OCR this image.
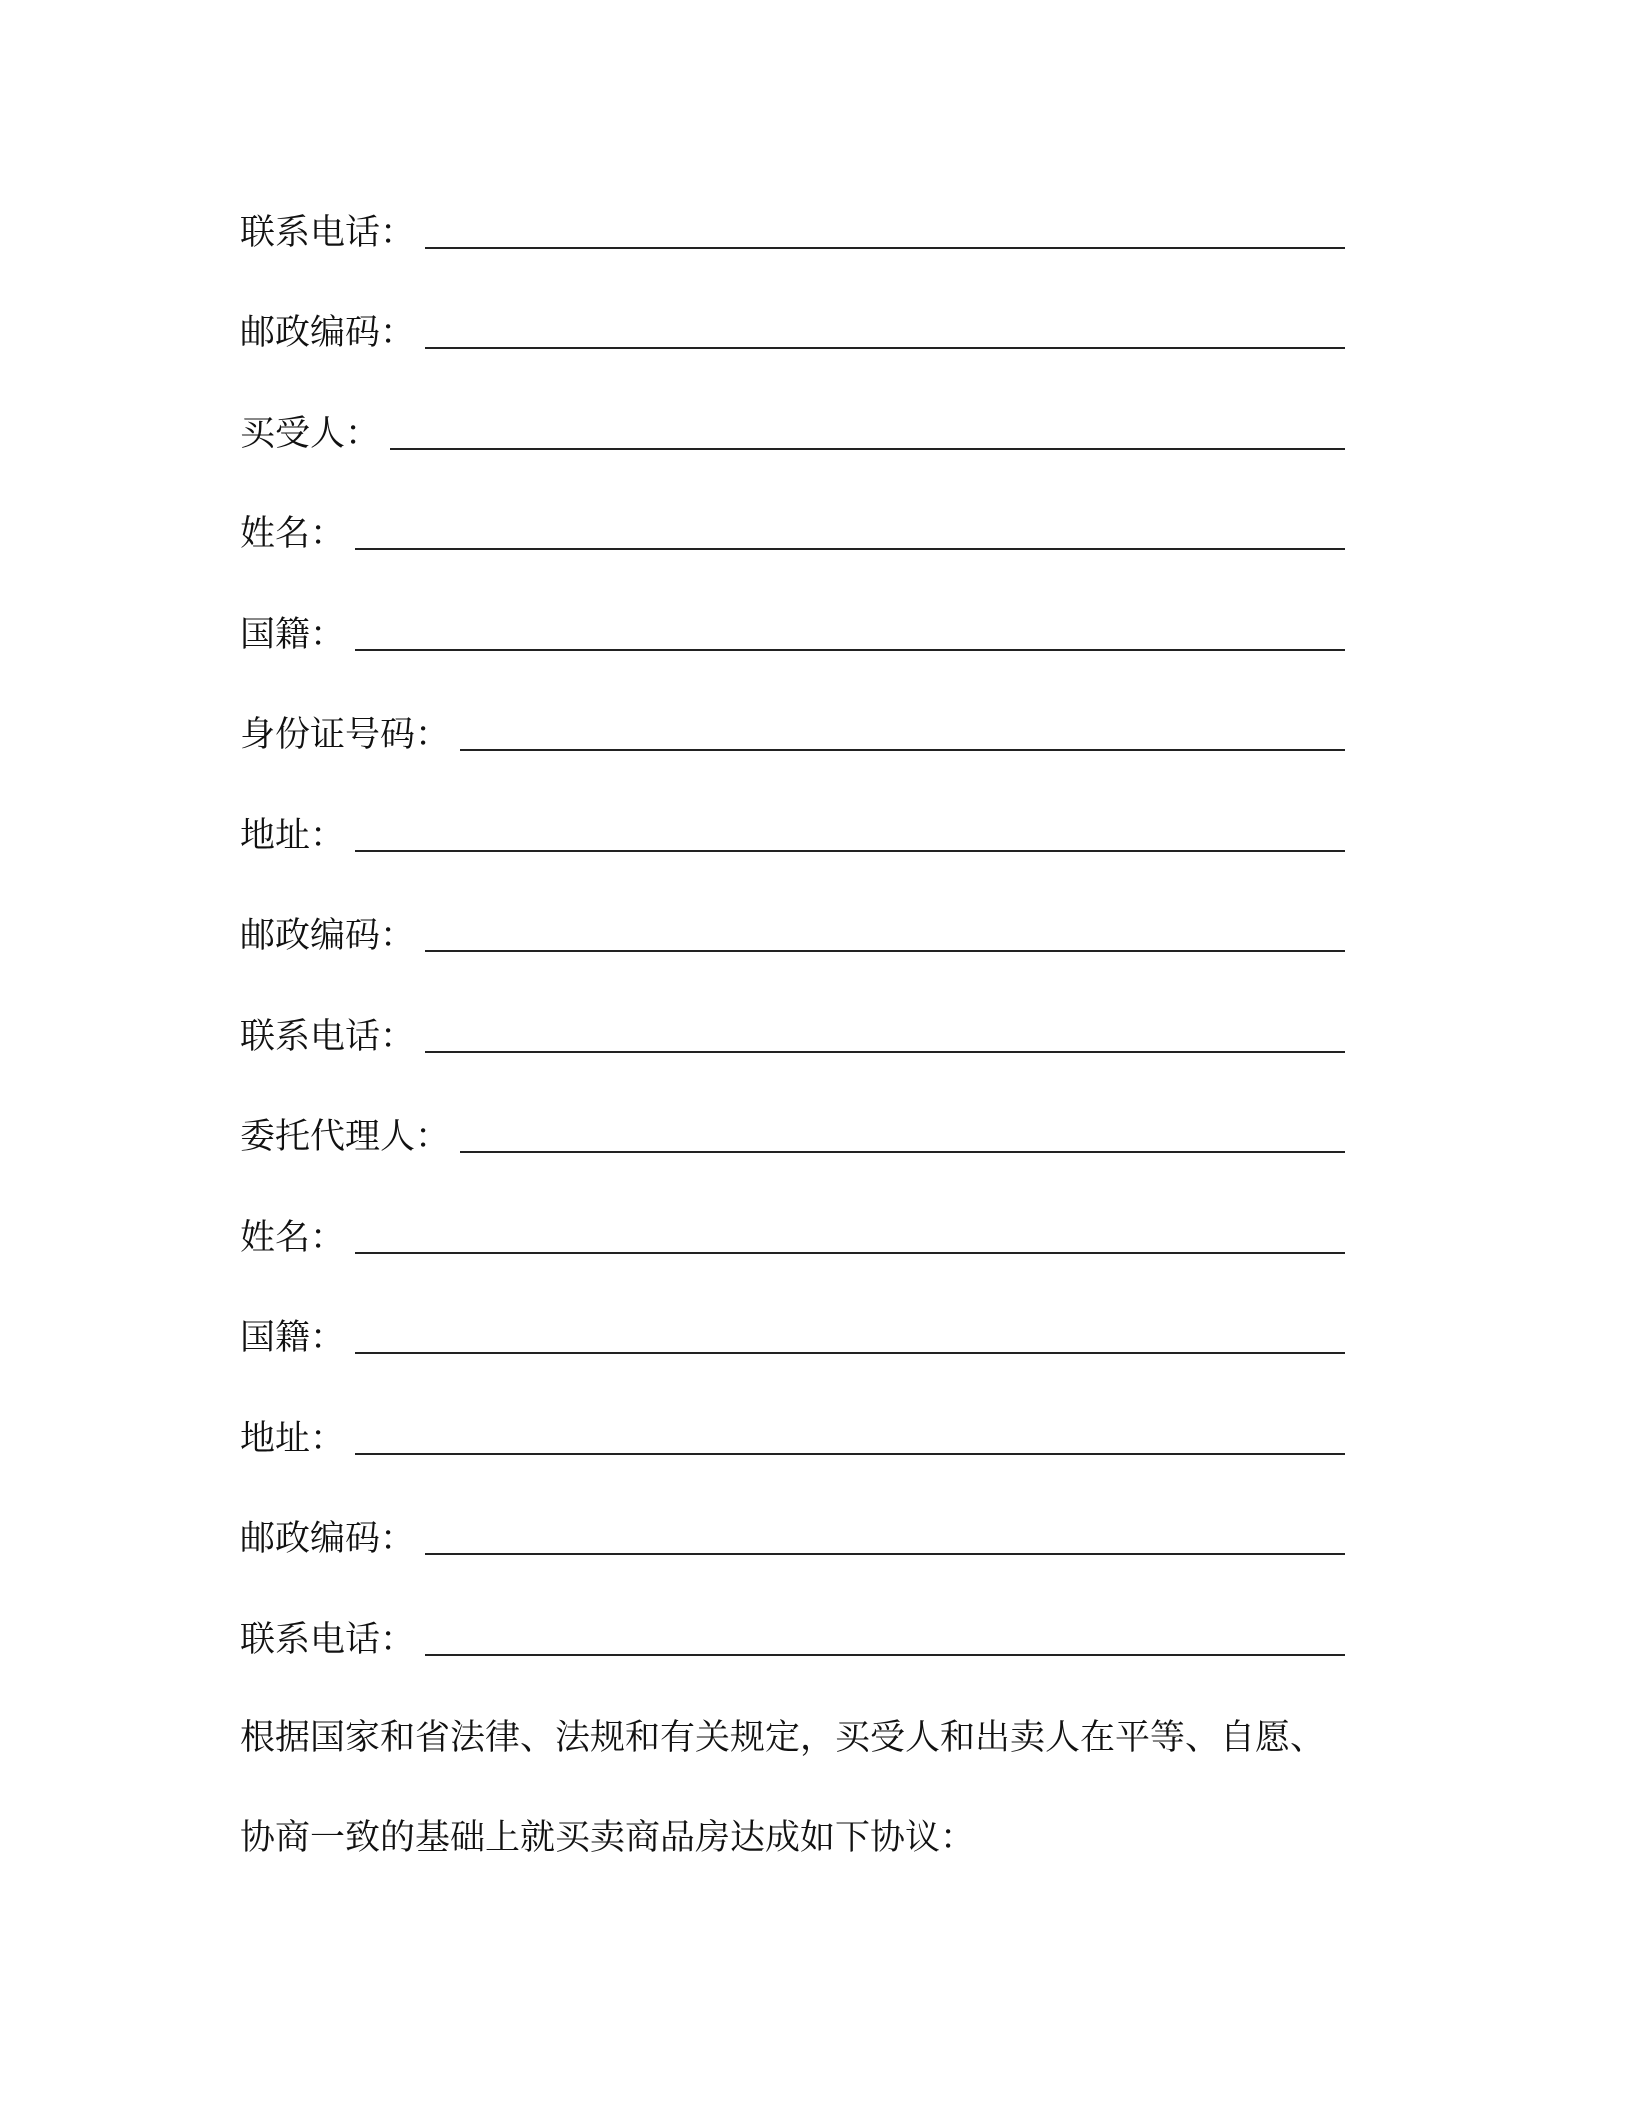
联系电话：
邮政编码：
买受人：
姓名：
国籍：
身份证号码：
地址：
邮政编码：
联系电话：
委托代理人：
姓名：
国籍：
地址：
邮政编码：
联系电话：
根据国家和省法律、法规和有关规定，买受人和出卖人在平等、自愿、
协商一致的基础上就买卖商品房达成如下协议：
